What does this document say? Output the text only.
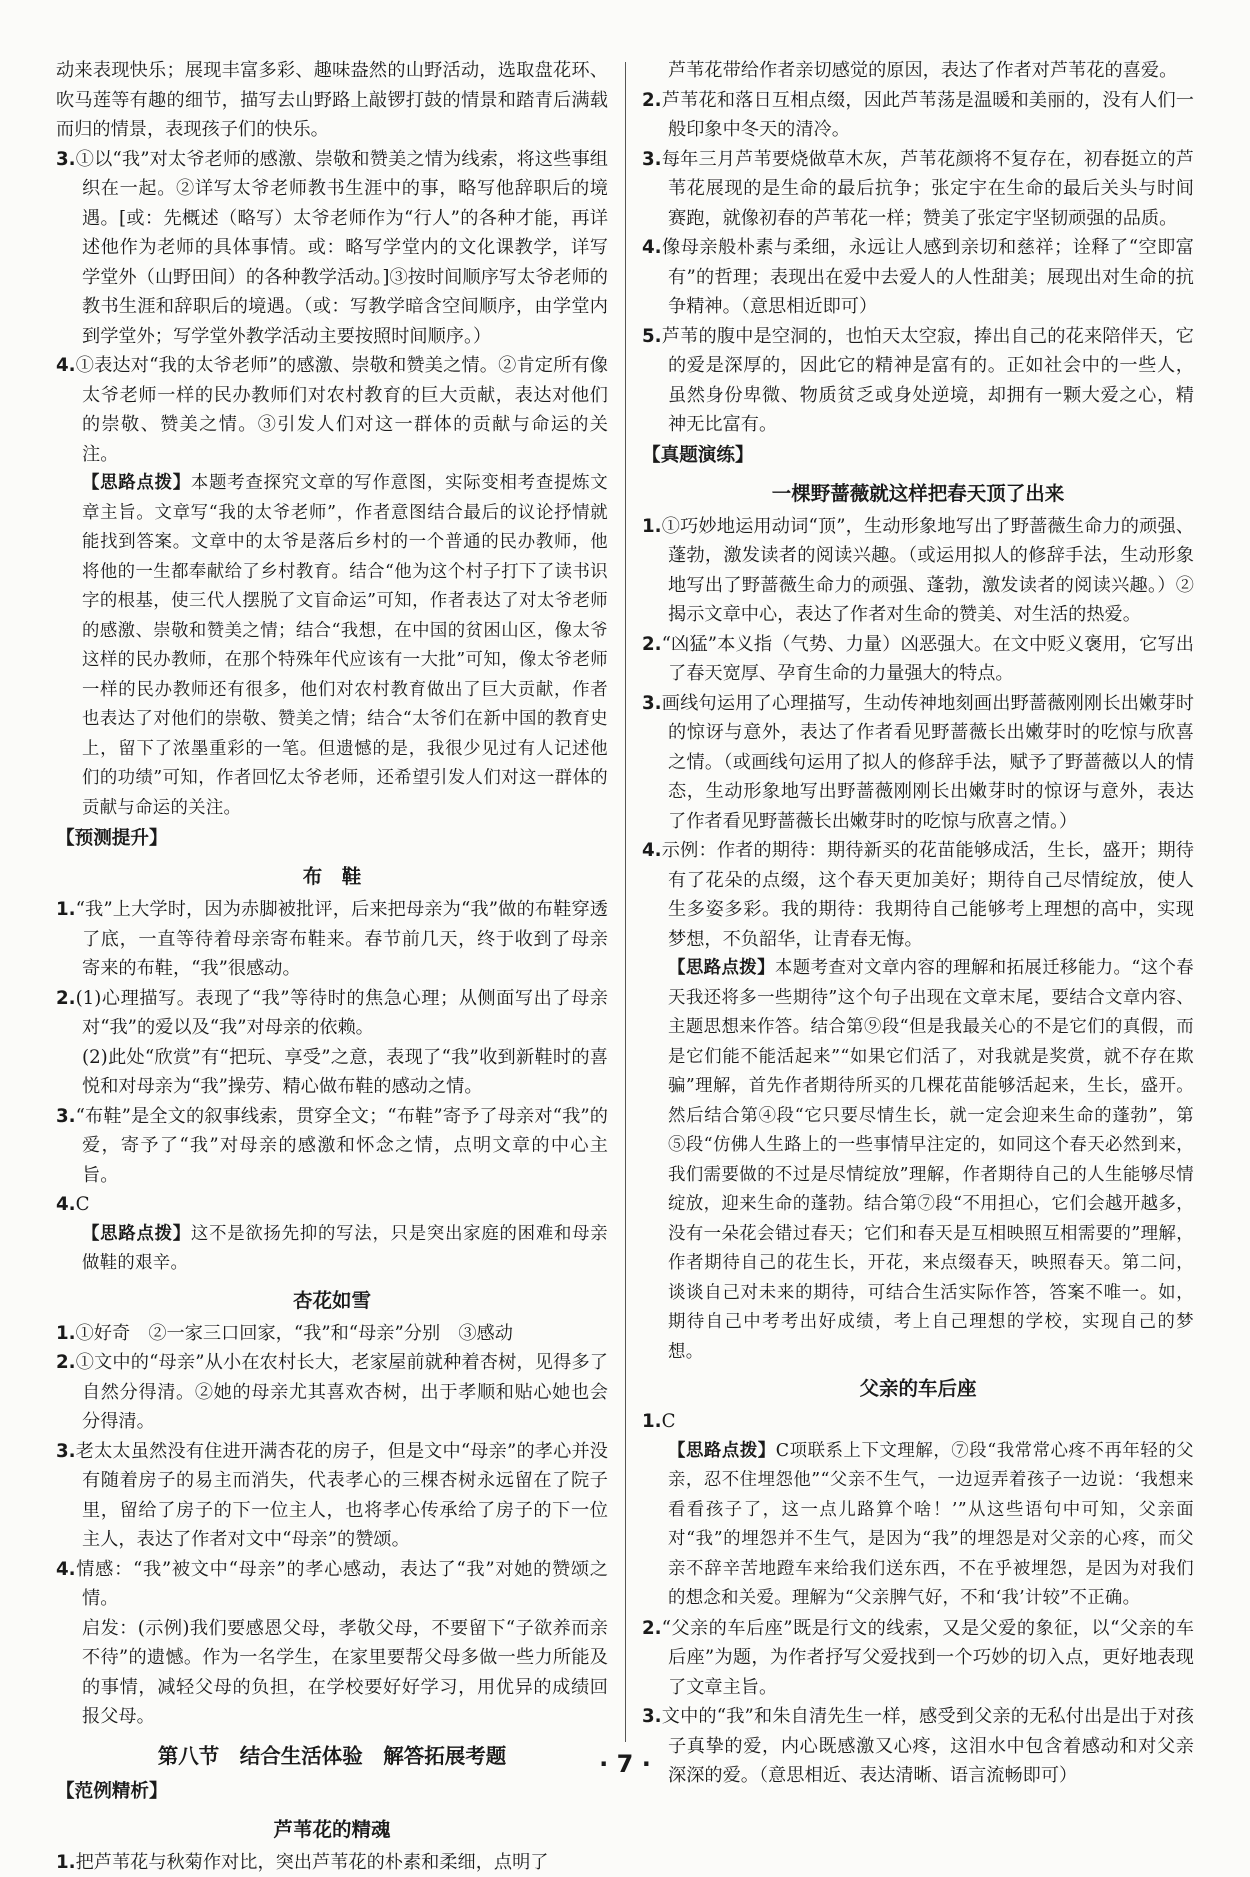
动来表现快乐；展现丰富多彩、趣味盎然的山野活动，选取盘花环、吹马莲等有趣的细节，描写去山野路上敲锣打鼓的情景和踏青后满载而归的情景，表现孩子们的快乐。

3.①以“我”对太爷老师的感激、崇敬和赞美之情为线索，将这些事组织在一起。②详写太爷老师教书生涯中的事，略写他辞职后的境遇。[或：先概述（略写）太爷老师作为“行人”的各种才能，再详述他作为老师的具体事情。或：略写学堂内的文化课教学，详写学堂外（山野田间）的各种教学活动。]③按时间顺序写太爷老师的教书生涯和辞职后的境遇。（或：写教学暗含空间顺序，由学堂内到学堂外；写学堂外教学活动主要按照时间顺序。）

4.①表达对“我的太爷老师”的感激、崇敬和赞美之情。②肯定所有像太爷老师一样的民办教师们对农村教育的巨大贡献，表达对他们的崇敬、赞美之情。③引发人们对这一群体的贡献与命运的关注。

【思路点拨】本题考查探究文章的写作意图，实际变相考查提炼文章主旨。文章写“我的太爷老师”，作者意图结合最后的议论抒情就能找到答案。文章中的太爷是落后乡村的一个普通的民办教师，他将他的一生都奉献给了乡村教育。结合“他为这个村子打下了读书识字的根基，使三代人摆脱了文盲命运”可知，作者表达了对太爷老师的感激、崇敬和赞美之情；结合“我想，在中国的贫困山区，像太爷这样的民办教师，在那个特殊年代应该有一大批”可知，像太爷老师一样的民办教师还有很多，他们对农村教育做出了巨大贡献，作者也表达了对他们的崇敬、赞美之情；结合“太爷们在新中国的教育史上，留下了浓墨重彩的一笔。但遗憾的是，我很少见过有人记述他们的功绩”可知，作者回忆太爷老师，还希望引发人们对这一群体的贡献与命运的关注。

【预测提升】
布　鞋

1.“我”上大学时，因为赤脚被批评，后来把母亲为“我”做的布鞋穿透了底，一直等待着母亲寄布鞋来。春节前几天，终于收到了母亲寄来的布鞋，“我”很感动。

2.(1)心理描写。表现了“我”等待时的焦急心理；从侧面写出了母亲对“我”的爱以及“我”对母亲的依赖。

(2)此处“欣赏”有“把玩、享受”之意，表现了“我”收到新鞋时的喜悦和对母亲为“我”操劳、精心做布鞋的感动之情。

3.“布鞋”是全文的叙事线索，贯穿全文；“布鞋”寄予了母亲对“我”的爱，寄予了“我”对母亲的感激和怀念之情，点明文章的中心主旨。

4.C

【思路点拨】这不是欲扬先抑的写法，只是突出家庭的困难和母亲做鞋的艰辛。

杏花如雪

1.①好奇　②一家三口回家，“我”和“母亲”分别　③感动

2.①文中的“母亲”从小在农村长大，老家屋前就种着杏树，见得多了自然分得清。②她的母亲尤其喜欢杏树，出于孝顺和贴心她也会分得清。

3.老太太虽然没有住进开满杏花的房子，但是文中“母亲”的孝心并没有随着房子的易主而消失，代表孝心的三棵杏树永远留在了院子里，留给了房子的下一位主人，也将孝心传承给了房子的下一位主人，表达了作者对文中“母亲”的赞颂。

4.情感：“我”被文中“母亲”的孝心感动，表达了“我”对她的赞颂之情。

启发：(示例)我们要感恩父母，孝敬父母，不要留下“子欲养而亲不待”的遗憾。作为一名学生，在家里要帮父母多做一些力所能及的事情，减轻父母的负担，在学校要好好学习，用优异的成绩回报父母。

第八节　结合生活体验　解答拓展考题
【范例精析】
芦苇花的精魂

1.把芦苇花与秋菊作对比，突出芦苇花的朴素和柔细，点明了

芦苇花带给作者亲切感觉的原因，表达了作者对芦苇花的喜爱。

2.芦苇花和落日互相点缀，因此芦苇荡是温暖和美丽的，没有人们一般印象中冬天的清冷。

3.每年三月芦苇要烧做草木灰，芦苇花颜将不复存在，初春挺立的芦苇花展现的是生命的最后抗争；张定宇在生命的最后关头与时间赛跑，就像初春的芦苇花一样；赞美了张定宇坚韧顽强的品质。

4.像母亲般朴素与柔细，永远让人感到亲切和慈祥；诠释了“空即富有”的哲理；表现出在爱中去爱人的人性甜美；展现出对生命的抗争精神。（意思相近即可）

5.芦苇的腹中是空洞的，也怕天太空寂，捧出自己的花来陪伴天，它的爱是深厚的，因此它的精神是富有的。正如社会中的一些人，虽然身份卑微、物质贫乏或身处逆境，却拥有一颗大爱之心，精神无比富有。

【真题演练】
一棵野蔷薇就这样把春天顶了出来

1.①巧妙地运用动词“顶”，生动形象地写出了野蔷薇生命力的顽强、蓬勃，激发读者的阅读兴趣。（或运用拟人的修辞手法，生动形象地写出了野蔷薇生命力的顽强、蓬勃，激发读者的阅读兴趣。）②揭示文章中心，表达了作者对生命的赞美、对生活的热爱。

2.“凶猛”本义指（气势、力量）凶恶强大。在文中贬义褒用，它写出了春天宽厚、孕育生命的力量强大的特点。

3.画线句运用了心理描写，生动传神地刻画出野蔷薇刚刚长出嫩芽时的惊讶与意外，表达了作者看见野蔷薇长出嫩芽时的吃惊与欣喜之情。（或画线句运用了拟人的修辞手法，赋予了野蔷薇以人的情态，生动形象地写出野蔷薇刚刚长出嫩芽时的惊讶与意外，表达了作者看见野蔷薇长出嫩芽时的吃惊与欣喜之情。）

4.示例：作者的期待：期待新买的花苗能够成活，生长，盛开；期待有了花朵的点缀，这个春天更加美好；期待自己尽情绽放，使人生多姿多彩。我的期待：我期待自己能够考上理想的高中，实现梦想，不负韶华，让青春无悔。

【思路点拨】本题考查对文章内容的理解和拓展迁移能力。“这个春天我还将多一些期待”这个句子出现在文章末尾，要结合文章内容、主题思想来作答。结合第⑨段“但是我最关心的不是它们的真假，而是它们能不能活起来”“如果它们活了，对我就是奖赏，就不存在欺骗”理解，首先作者期待所买的几棵花苗能够活起来，生长，盛开。然后结合第④段“它只要尽情生长，就一定会迎来生命的蓬勃”，第⑤段“仿佛人生路上的一些事情早注定的，如同这个春天必然到来，我们需要做的不过是尽情绽放”理解，作者期待自己的人生能够尽情绽放，迎来生命的蓬勃。结合第⑦段“不用担心，它们会越开越多，没有一朵花会错过春天；它们和春天是互相映照互相需要的”理解，作者期待自己的花生长，开花，来点缀春天，映照春天。第二问，谈谈自己对未来的期待，可结合生活实际作答，答案不唯一。如，期待自己中考考出好成绩，考上自己理想的学校，实现自己的梦想。

父亲的车后座

1.C

【思路点拨】C项联系上下文理解，⑦段“我常常心疼不再年轻的父亲，忍不住埋怨他”“父亲不生气，一边逗弄着孩子一边说：‘我想来看看孩子了，这一点儿路算个啥！’”从这些语句中可知，父亲面对“我”的埋怨并不生气，是因为“我”的埋怨是对父亲的心疼，而父亲不辞辛苦地蹬车来给我们送东西，不在乎被埋怨，是因为对我们的想念和关爱。理解为“父亲脾气好，不和‘我’计较”不正确。

2.“父亲的车后座”既是行文的线索，又是父爱的象征，以“父亲的车后座”为题，为作者抒写父爱找到一个巧妙的切入点，更好地表现了文章主旨。

3.文中的“我”和朱自清先生一样，感受到父亲的无私付出是出于对孩子真挚的爱，内心既感激又心疼，这泪水中包含着感动和对父亲深深的爱。（意思相近、表达清晰、语言流畅即可）

· 7 ·
